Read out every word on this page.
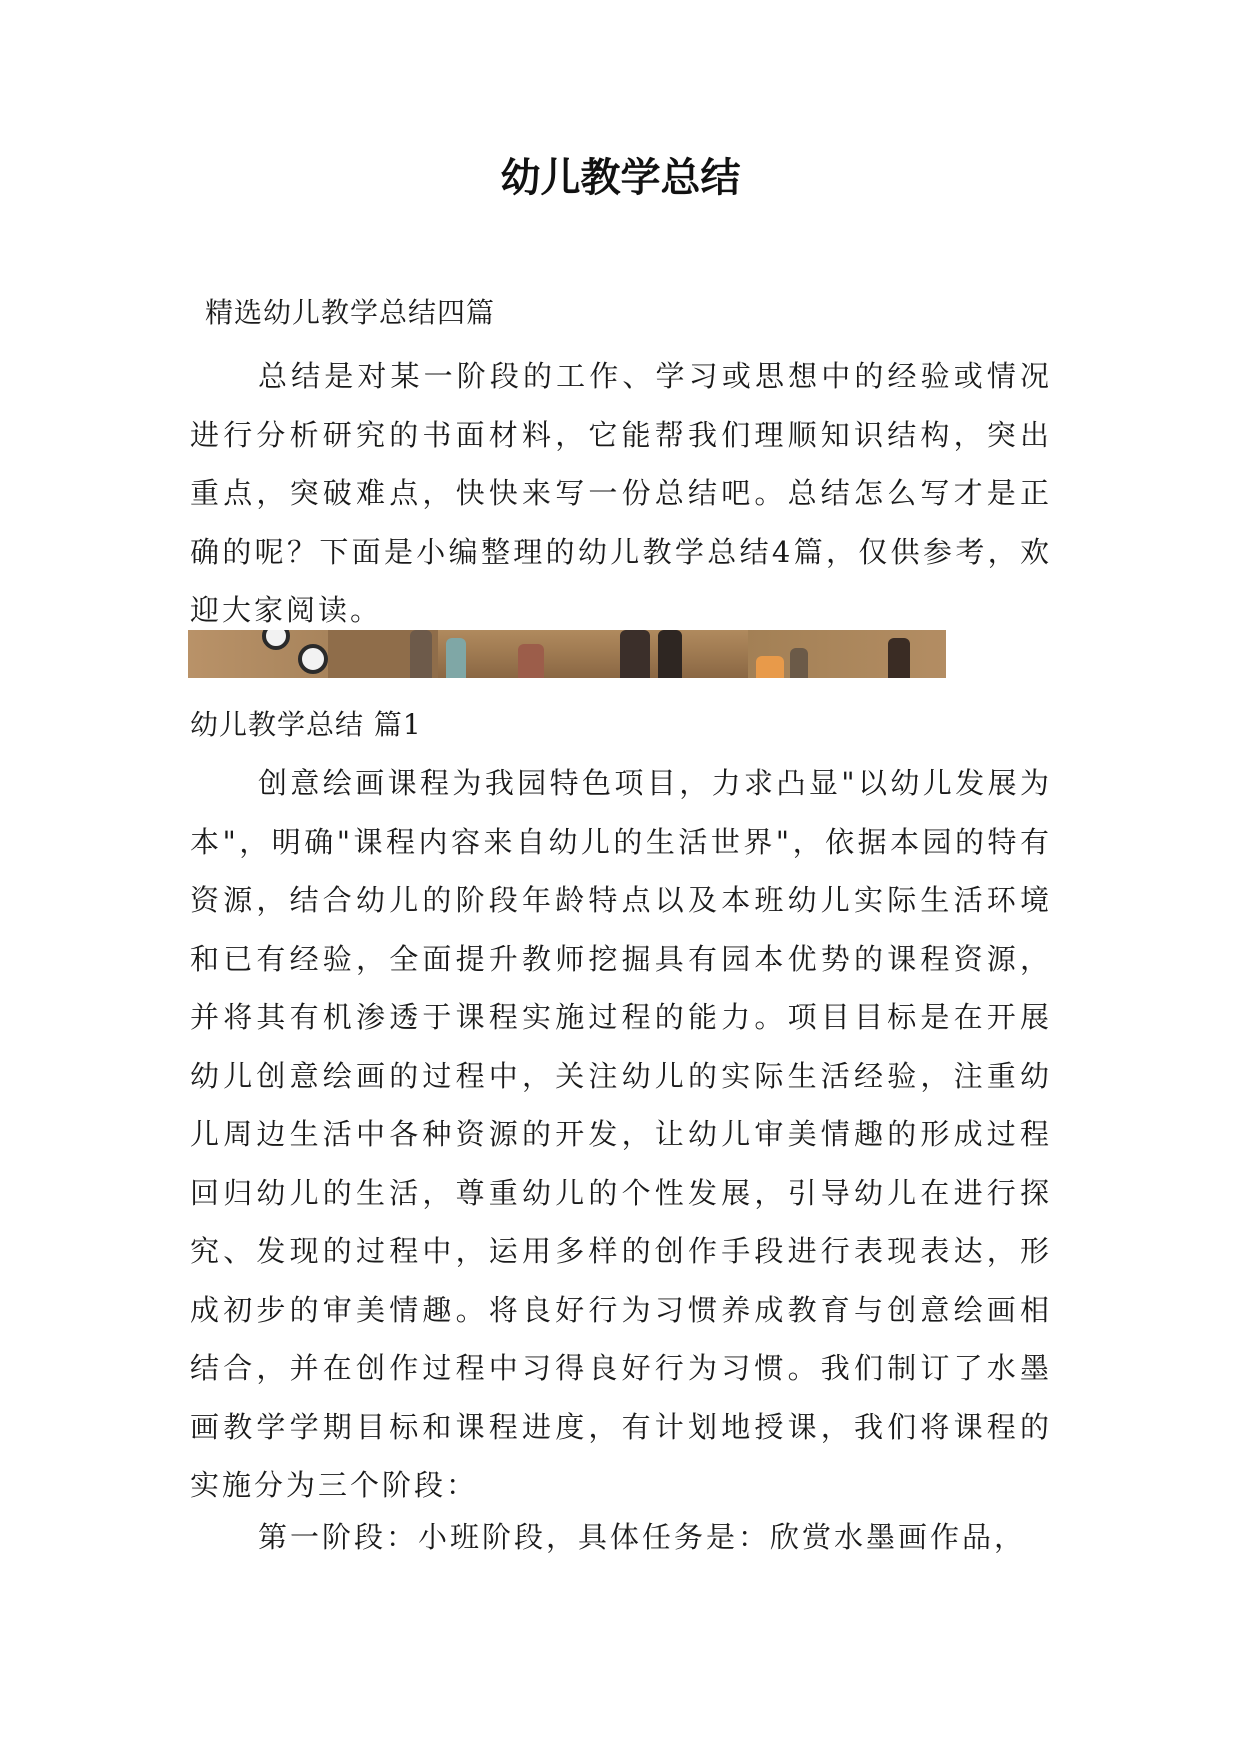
幼儿教学总结

精选幼儿教学总结四篇

总结是对某一阶段的工作、学习或思想中的经验或情况进行分析研究的书面材料，它能帮我们理顺知识结构，突出重点，突破难点，快快来写一份总结吧。总结怎么写才是正确的呢？下面是小编整理的幼儿教学总结4篇，仅供参考，欢迎大家阅读。

幼儿教学总结 篇1

创意绘画课程为我园特色项目，力求凸显"以幼儿发展为本"，明确"课程内容来自幼儿的生活世界"，依据本园的特有资源，结合幼儿的阶段年龄特点以及本班幼儿实际生活环境和已有经验，全面提升教师挖掘具有园本优势的课程资源，并将其有机渗透于课程实施过程的能力。项目目标是在开展幼儿创意绘画的过程中，关注幼儿的实际生活经验，注重幼儿周边生活中各种资源的开发，让幼儿审美情趣的形成过程回归幼儿的生活，尊重幼儿的个性发展，引导幼儿在进行探究、发现的过程中，运用多样的创作手段进行表现表达，形成初步的审美情趣。将良好行为习惯养成教育与创意绘画相结合，并在创作过程中习得良好行为习惯。我们制订了水墨画教学学期目标和课程进度，有计划地授课，我们将课程的实施分为三个阶段：

第一阶段：小班阶段，具体任务是：欣赏水墨画作品，
